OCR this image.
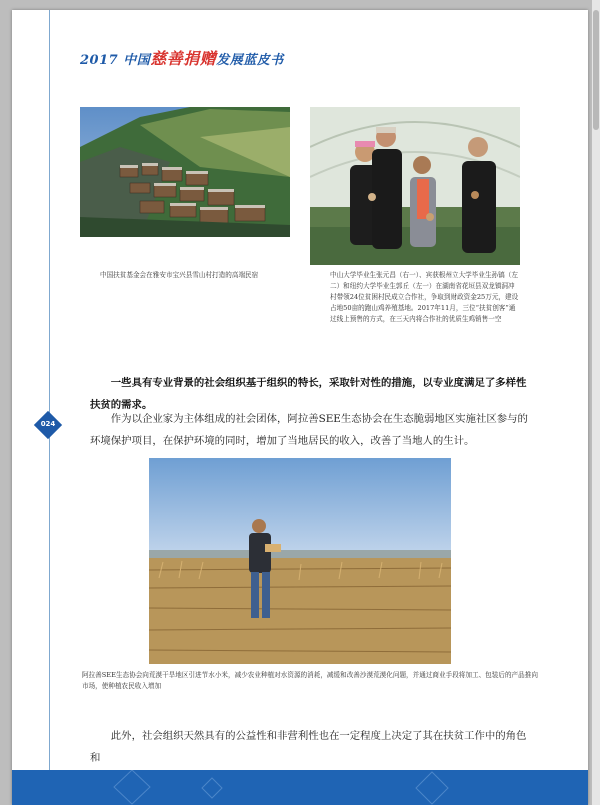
2017 中国慈善捐赠发展蓝皮书
中国扶贫基金会在雅安市宝兴县雪山村打造的高端民宿	中山大学毕业生张元昌（右一）、宾获根州立大学毕业生孙镐（左二）和纽约大学毕业生郭丘（左一）在湖南省花垣县双龙镇洞冲村带领24位贫困村民成立合作社，争取到财政资金25万元，建设占地50亩的跑山鸡养殖基地。2017年11月，三位“扶贫创客”通过线上预售的方式，在三天内将合作社的优质生鸡销售一空

一些具有专业背景的社会组织基于组织的特长，采取针对性的措施，以专业度满足了多样性扶贫的需求。

作为以企业家为主体组成的社会团体，阿拉善SEE生态协会在生态脆弱地区实施社区参与的环境保护项目，在保护环境的同时，增加了当地居民的收入，改善了当地人的生计。

024
阿拉善SEE生态协会向荒漠干旱地区引进节水小米，减少农业种植对水资源的消耗，减缓和改善沙漠荒漠化问题，并通过商业手段将加工、包装后的产品推向市场，使种植农民收入增加

此外，社会组织天然具有的公益性和非营利性也在一定程度上决定了其在扶贫工作中的角色和
